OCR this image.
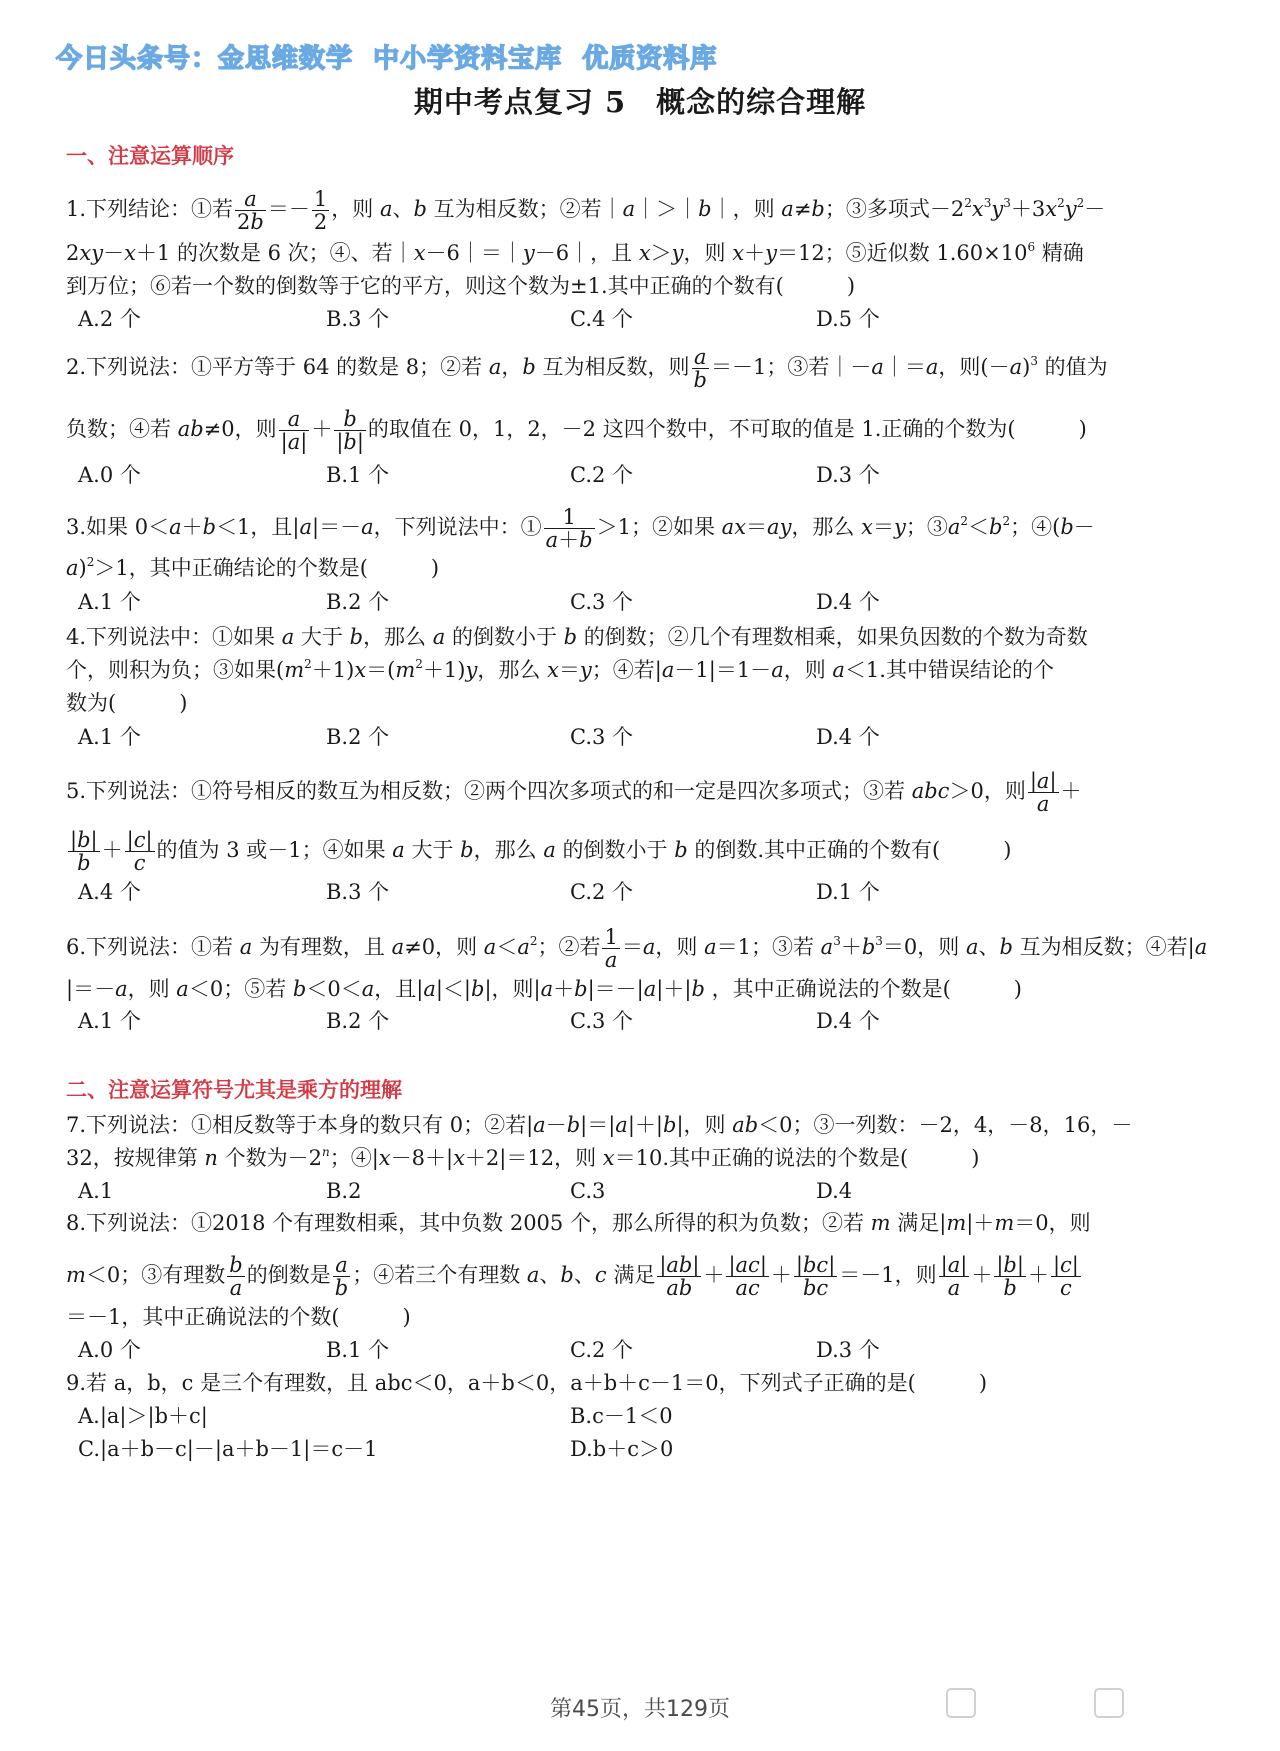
今日头条号：金思维数学  中小学资料宝库  优质资料库
期中考点复习 5　概念的综合理解
一、注意运算顺序
1.下列结论：①若 $\frac{a}{2b} =- \frac{1}{2}$ ，则 a、b 互为相反数；②若｜a｜＞｜b｜，则 a≠b；③多项式$-2^2x^3y^3+3x^2y^2-$
2xy－x＋1 的次数是 6 次；④、若｜x－6｜＝｜y－6｜，且 x＞y，则 x＋y＝12；⑤近似数 $1.60\times 10^6$ 精确
到万位；⑥若一个数的倒数等于它的平方，则这个数为±1.其中正确的个数有(　　　)
A.2 个	B.3 个	C.4 个	D.5 个
2.下列说法：①平方等于 64 的数是 8；②若 a，b 互为相反数，则 $\frac{a}{b} =-1$；③若｜－a｜＝a，则$(-a)^3$ 的值为
负数；④若 ab≠0，则 $\frac{a}{|a|} + \frac{b}{|b|}$ 的取值在 0，1，2，－2 这四个数中，不可取的值是 1.正确的个数为(　　　)
A.0 个	B.1 个	C.2 个	D.3 个
3.如果 0＜a＋b＜1，且|a|＝－a，下列说法中：① $\frac{1}{a+b} >1$；②如果 ax＝ay，那么 x＝y；$③a^2<b^2$；④(b－
a)$^2$＞1，其中正确结论的个数是(　　　)
A.1 个	B.2 个	C.3 个	D.4 个
4.下列说法中：①如果 a 大于 b，那么 a 的倒数小于 b 的倒数；②几个有理数相乘，如果负因数的个数为奇数
个，则积为负；③如果$(m^2+1)x=(m^2+1)y$，那么 x＝y；④若|a－1|＝1－a，则 a＜1.其中错误结论的个
数为(　　　)
A.1 个	B.2 个	C.3 个	D.4 个
5.下列说法：①符号相反的数互为相反数；②两个四次多项式的和一定是四次多项式；③若 abc＞0，则 $\frac{|a|}{a}$ ＋
$\frac{|b|}{b} + \frac{|c|}{c}$ 的值为 3 或－1；④如果 a 大于 b，那么 a 的倒数小于 b 的倒数.其中正确的个数有(　　　)
A.4 个	B.3 个	C.2 个	D.1 个
6.下列说法：①若 a 为有理数，且 a≠0，则 $a<a^2$；②若 $\frac{1}{a} =a$，则 a＝1；③若 $a^3+b^3=0$，则 a、b 互为相反数；④若|a
|＝－a，则 a＜0；⑤若 b＜0＜a，且|a|＜|b|，则|a＋b|＝－|a|＋|b ，其中正确说法的个数是(　　　)
A.1 个	B.2 个	C.3 个	D.4 个
二、注意运算符号尤其是乘方的理解
7.下列说法：①相反数等于本身的数只有 0；②若|a－b|＝|a|＋|b|，则 ab＜0；③一列数：－2，4，－8，16，－
32，按规律第 n 个数为$-2^n$；④|x－8＋|x＋2|＝12，则 x＝10.其中正确的说法的个数是(　　　)
A.1	B.2	C.3	D.4
8.下列说法：①2018 个有理数相乘，其中负数 2005 个，那么所得的积为负数；②若 m 满足|m|＋m＝0，则
m＜0；③有理数 $\frac{b}{a}$ 的倒数是 $\frac{a}{b}$ ；④若三个有理数 a、b、c 满足 $\frac{|ab|}{ab} + \frac{|ac|}{ac} + \frac{|bc|}{bc} =-1$，则 $\frac{|a|}{a} + \frac{|b|}{b} + \frac{|c|}{c}$
＝－1，其中正确说法的个数(　　　)
A.0 个	B.1 个	C.2 个	D.3 个
9.若 a，b，c 是三个有理数，且 abc＜0，a＋b＜0，a＋b＋c－1＝0，下列式子正确的是(　　　)
A.|a|＞|b＋c|	B.c－1＜0
C.|a＋b－c|－|a＋b－1|＝c－1	D.b＋c＞0
第45页，共129页
